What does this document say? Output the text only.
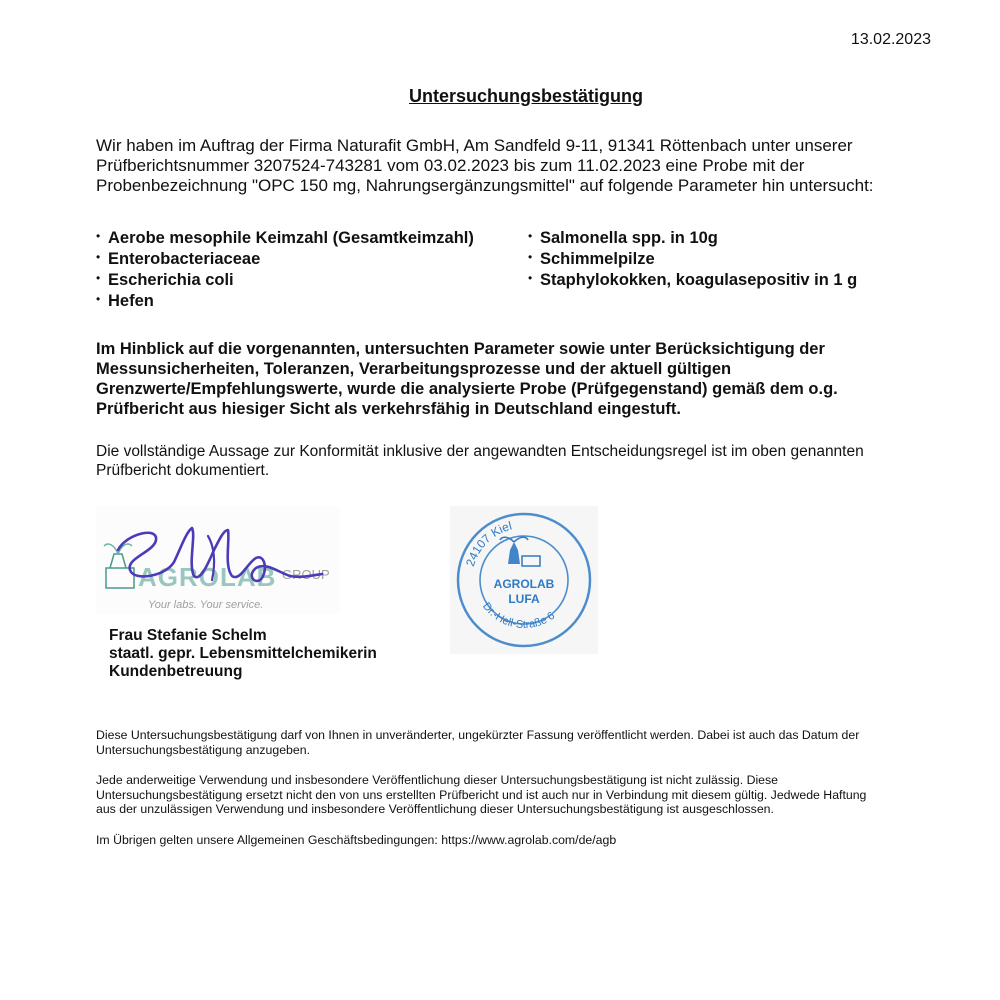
13.02.2023
Untersuchungsbestätigung
Wir haben im Auftrag der Firma Naturafit GmbH, Am Sandfeld 9-11, 91341 Röttenbach unter unserer
Prüfberichtsnummer 3207524-743281 vom 03.02.2023 bis zum 11.02.2023 eine Probe mit der
Probenbezeichnung "OPC 150 mg, Nahrungsergänzungsmittel" auf folgende Parameter hin untersucht:
• Aerobe mesophile Keimzahl (Gesamtkeimzahl)
• Enterobacteriaceae
• Escherichia coli
• Hefen
• Salmonella spp. in 10g
• Schimmelpilze
• Staphylokokken, koagulasepositiv in 1 g
Im Hinblick auf die vorgenannten, untersuchten Parameter sowie unter Berücksichtigung der
Messunsicherheiten, Toleranzen, Verarbeitungsprozesse und der aktuell gültigen
Grenzwerte/Empfehlungswerte, wurde die analysierte Probe (Prüfgegenstand) gemäß dem o.g.
Prüfbericht aus hiesiger Sicht als verkehrsfähig in Deutschland eingestuft.
Die vollständige Aussage zur Konformität inklusive der angewandten Entscheidungsregel ist im oben genannten
Prüfbericht dokumentiert.
AGROLAB GROUP
Your labs. Your service.
24107 Kiel
Dr.-Hell-Straße 6
AGROLAB
LUFA
Frau Stefanie Schelm
staatl. gepr. Lebensmittelchemikerin
Kundenbetreuung

Diese Untersuchungsbestätigung darf von Ihnen in unveränderter, ungekürzter Fassung veröffentlicht werden. Dabei ist auch das Datum der
Untersuchungsbestätigung anzugeben.

Jede anderweitige Verwendung und insbesondere Veröffentlichung dieser Untersuchungsbestätigung ist nicht zulässig. Diese
Untersuchungsbestätigung ersetzt nicht den von uns erstellten Prüfbericht und ist auch nur in Verbindung mit diesem gültig. Jedwede Haftung
aus der unzulässigen Verwendung und insbesondere Veröffentlichung dieser Untersuchungsbestätigung ist ausgeschlossen.

Im Übrigen gelten unsere Allgemeinen Geschäftsbedingungen: https://www.agrolab.com/de/agb
